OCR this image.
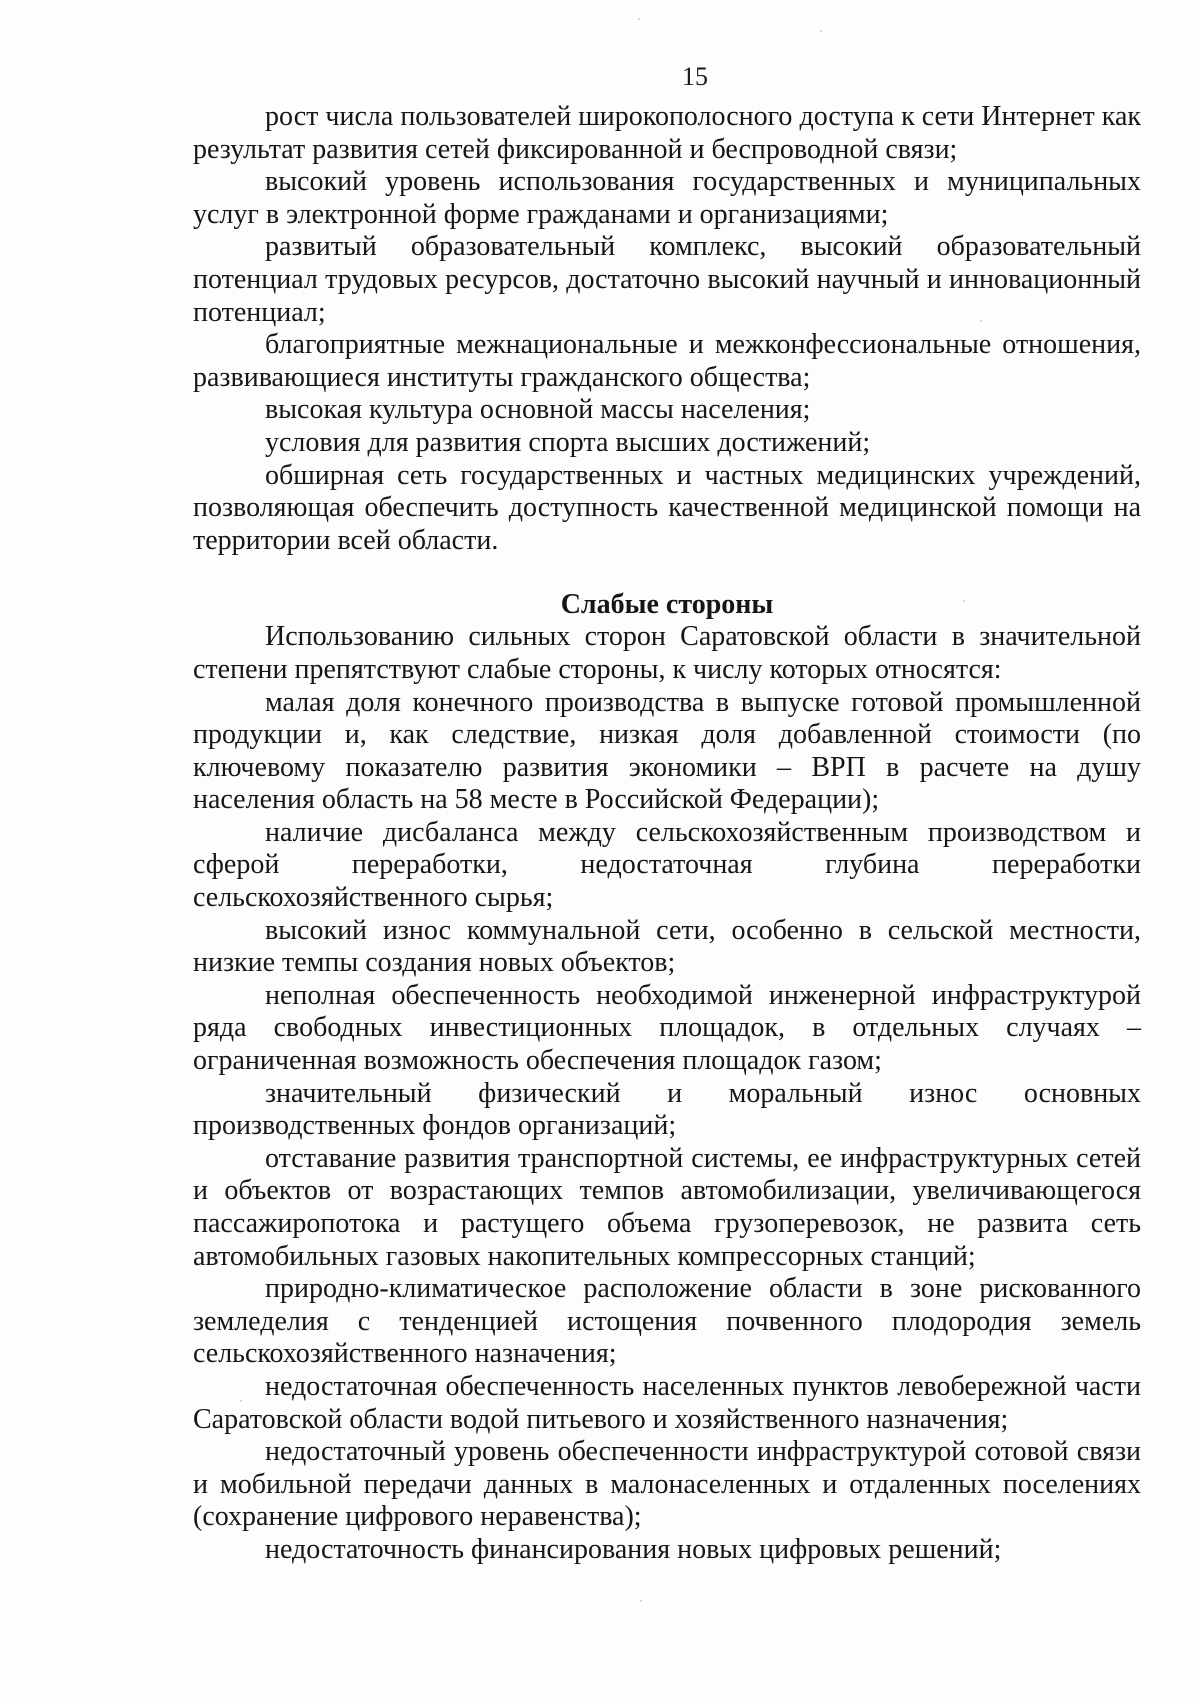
15

рост числа пользователей широкополосного доступа к сети Интернет как результат развития сетей фиксированной и беспроводной связи;

высокий уровень использования государственных и муниципальных услуг в электронной форме гражданами и организациями;

развитый образовательный комплекс, высокий образовательный потенциал трудовых ресурсов, достаточно высокий научный и инновационный потенциал;

благоприятные межнациональные и межконфессиональные отношения, развивающиеся институты гражданского общества;

высокая культура основной массы населения;

условия для развития спорта высших достижений;

обширная сеть государственных и частных медицинских учреждений, позволяющая обеспечить доступность качественной медицинской помощи на территории всей области.

Слабые стороны

Использованию сильных сторон Саратовской области в значительной степени препятствуют слабые стороны, к числу которых относятся:

малая доля конечного производства в выпуске готовой промышленной продукции и, как следствие, низкая доля добавленной стоимости (по ключевому показателю развития экономики – ВРП в расчете на душу населения область на 58 месте в Российской Федерации);

наличие дисбаланса между сельскохозяйственным производством и сферой переработки, недостаточная глубина переработки сельскохозяйственного сырья;

высокий износ коммунальной сети, особенно в сельской местности, низкие темпы создания новых объектов;

неполная обеспеченность необходимой инженерной инфраструктурой ряда свободных инвестиционных площадок, в отдельных случаях – ограниченная возможность обеспечения площадок газом;

значительный физический и моральный износ основных производственных фондов организаций;

отставание развития транспортной системы, ее инфраструктурных сетей и объектов от возрастающих темпов автомобилизации, увеличивающегося пассажиропотока и растущего объема грузоперевозок, не развита сеть автомобильных газовых накопительных компрессорных станций;

природно-климатическое расположение области в зоне рискованного земледелия с тенденцией истощения почвенного плодородия земель сельскохозяйственного назначения;

недостаточная обеспеченность населенных пунктов левобережной части Саратовской области водой питьевого и хозяйственного назначения;

недостаточный уровень обеспеченности инфраструктурой сотовой связи и мобильной передачи данных в малонаселенных и отдаленных поселениях (сохранение цифрового неравенства);

недостаточность финансирования новых цифровых решений;
